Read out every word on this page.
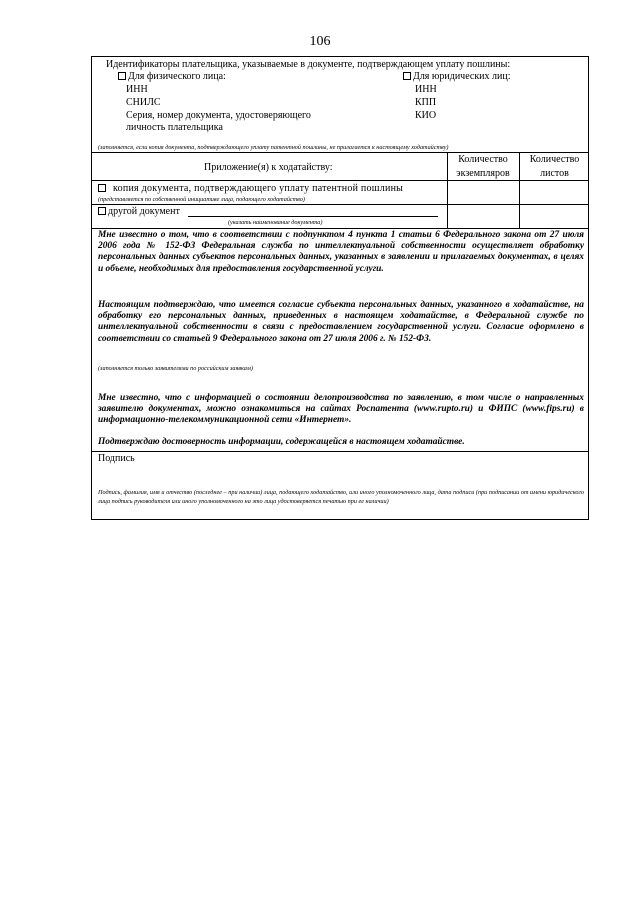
106
Идентификаторы плательщика, указываемые в документе, подтверждающем уплату пошлины:
Для физического лица:
ИНН
СНИЛС
Серия, номер документа, удостоверяющего
личность плательщика
Для юридических лиц:
ИНН
КПП
КИО
(заполняется, если копия документа, подтверждающего уплату патентной пошлины, не прилагается к настоящему ходатайству)
Приложение(я) к ходатайству:
Количество
экземпляров
Количество
листов
копия документа, подтверждающего уплату патентной пошлины
(представляется по собственной инициативе лица, подающего ходатайство)
другой документ
(указать наименование документа)
Мне известно о том, что в соответствии с подпунктом 4 пункта 1 статьи 6 Федерального закона от 27 июля 2006 года № 152-ФЗ Федеральная служба по интеллектуальной собственности осуществляет обработку персональных данных субъектов персональных данных, указанных в заявлении и прилагаемых документах, в целях и объеме, необходимых для предоставления государственной услуги.
Настоящим подтверждаю, что имеется согласие субъекта персональных данных, указанного в ходатайстве, на обработку его персональных данных, приведенных в настоящем ходатайстве, в Федеральной службе по интеллектуальной собственности в связи с предоставлением государственной услуги. Согласие оформлено в соответствии со статьей 9 Федерального закона от 27 июля 2006 г. № 152-ФЗ.
(заполняется только заявителями по российским заявкам)
Мне известно, что с информацией о состоянии делопроизводства по заявлению, в том числе о направленных заявителю документах, можно ознакомиться на сайтах Роспатента (www.rupto.ru) и ФИПС (www.fips.ru) в информационно-телекоммуникационной сети «Интернет».
Подтверждаю достоверность информации, содержащейся в настоящем ходатайстве.
Подпись
Подпись, фамилия, имя и отчество (последнее – при наличии) лица, подающего ходатайство, или иного уполномоченного лица, дата подписи (при подписании от имени юридического лица подпись руководителя или иного уполномоченного на это лица удостоверяется печатью при ее наличии)
